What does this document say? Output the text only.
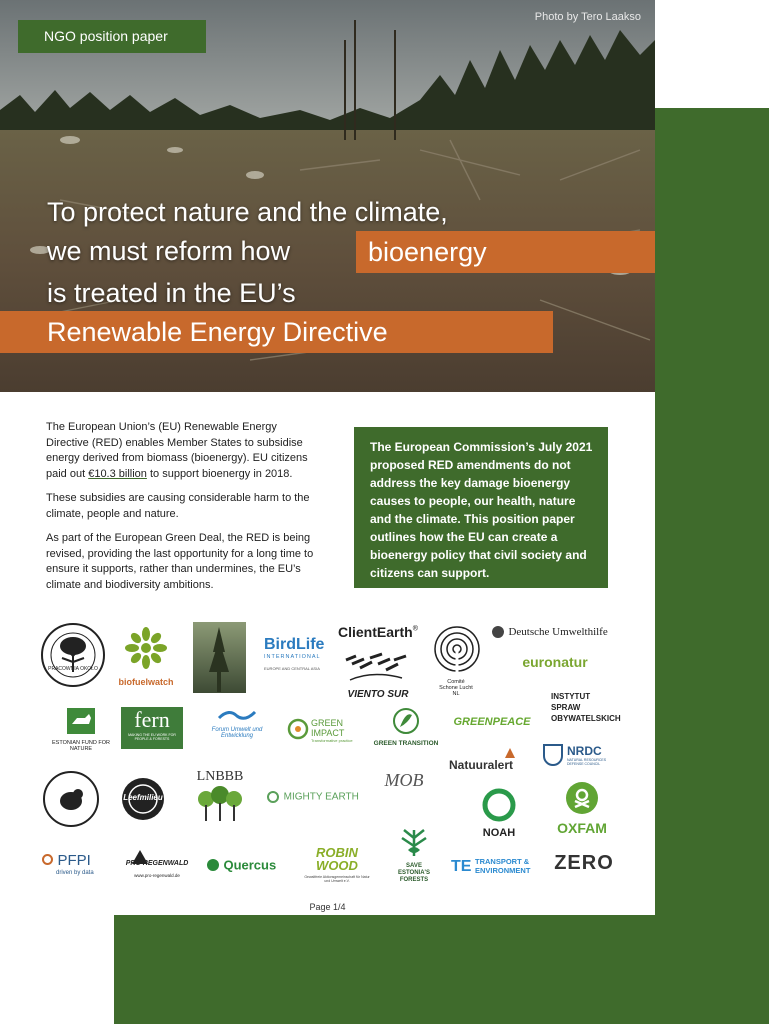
NGO position paper
Photo by Tero Laakso
To protect nature and the climate,
we must reform how	bioenergy
is treated in the EU’s
Renewable Energy Directive

The European Union’s (EU) Renewable Energy Directive (RED) enables Member States to subsidise energy derived from biomass (bioenergy). EU citizens paid out €10.3 billion to support bioenergy in 2018.

These subsidies are causing considerable harm to the climate, people and nature.

As part of the European Green Deal, the RED is being revised, providing the last opportunity for a long time to ensure it supports, rather than undermines, the EU’s climate and biodiversity ambitions.

The European Commission’s July 2021 proposed RED amendments do not address the key damage bioenergy causes to people, our health, nature and the climate. This position paper outlines how the EU can create a bioenergy policy that civil society and citizens can support.
PRACOWNIA OKOŁO
biofuelwatch
BirdLife
INTERNATIONAL
EUROPE AND CENTRAL ASIA
ClientEarth®
VIENTO SUR
Comité Schone Lucht NL
Deutsche Umwelthilfe
euronatur
ESTONIAN FUND FOR NATURE
fern
MAKING THE EU WORK FOR PEOPLE & FORESTS
Forum Umwelt und Entwicklung
GREEN IMPACT
Transformative practice	GREEN TRANSITION
GREENPEACE
INSTYTUT
SPRAW
OBYWATELSKICH
Natuuralert
NRDC
NATURAL RESOURCES DEFENSE COUNCIL
Leefmilieu
LNBBB
MIGHTY EARTH
MOB
NOAH	OXFAM
PFPI
driven by data
PRO REGENWALD
www.pro-regenwald.de
Quercus
ROBIN
WOOD
Gewaltfreie Aktionsgemeinschaft für Natur und Umwelt e.V.
SAVE
ESTONIA'S
FORESTS
TE TRANSPORT &
ENVIRONMENT ZERO
Page 1/4
